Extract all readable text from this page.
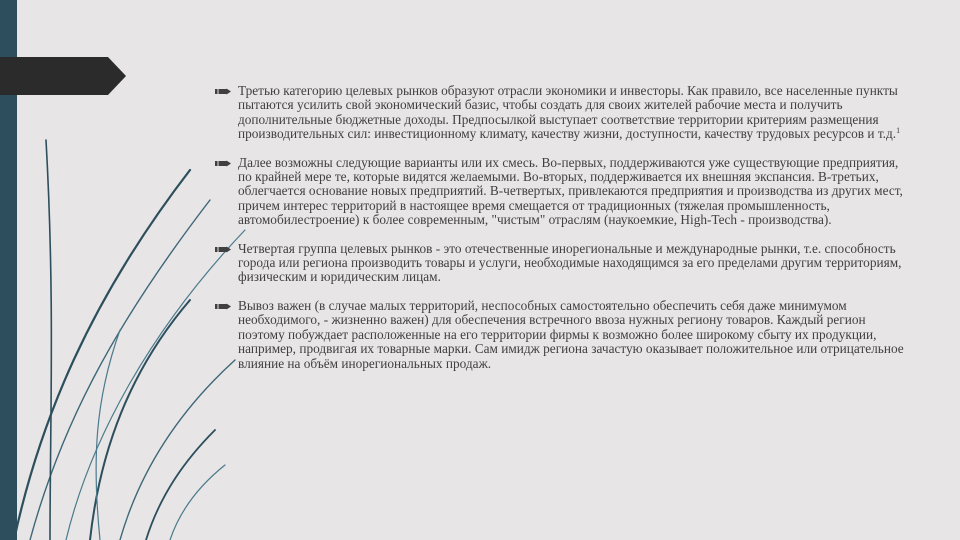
Третью категорию целевых рынков образуют отрасли экономики и инвесторы. Как правило, все населенные пункты пытаются усилить свой экономический базис, чтобы создать для своих жителей рабочие места и получить дополнительные бюджетные доходы. Предпосылкой выступает соответствие территории критериям размещения производительных сил: инвестиционному климату, качеству жизни, доступности, качеству трудовых ресурсов и т.д.$^1$
Далее возможны следующие варианты или их смесь. Во-первых, поддерживаются уже существующие предприятия, по крайней мере те, которые видятся желаемыми. Во-вторых, поддерживается их внешняя экспансия. В-третьих, облегчается основание новых предприятий. В-четвертых, привлекаются предприятия и производства из других мест, причем интерес территорий в настоящее время смещается от традиционных (тяжелая промышленность, автомобилестроение) к более современным, "чистым" отраслям (наукоемкие, High-Tech - производства).
Четвертая группа целевых рынков - это отечественные инорегиональные и международные рынки, т.е. способность города или региона производить товары и услуги, необходимые находящимся за его пределами другим территориям, физическим и юридическим лицам.
Вывоз важен (в случае малых территорий, неспособных самостоятельно обеспечить себя даже минимумом необходимого, - жизненно важен) для обеспечения встречного ввоза нужных региону товаров. Каждый регион поэтому побуждает расположенные на его территории фирмы к возможно более широкому сбыту их продукции, например, продвигая их товарные марки. Сам имидж региона зачастую оказывает положительное или отрицательное влияние на объём инорегиональных продаж.
